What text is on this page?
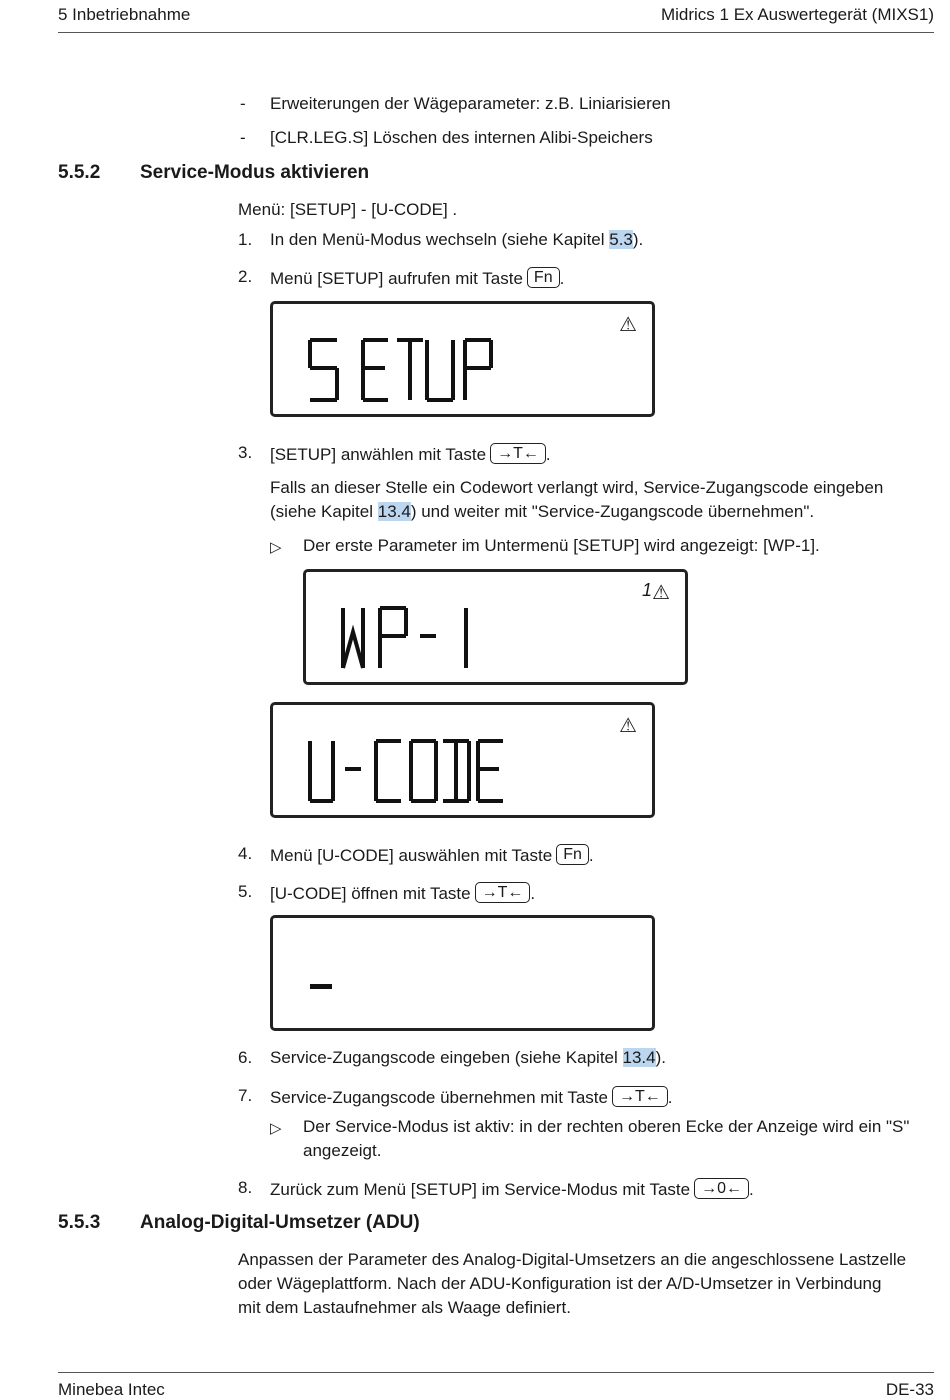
5 Inbetriebnahme	Midrics 1 Ex Auswertegerät (MIXS1)
- Erweiterungen der Wägeparameter: z.B. Liniarisieren
- [CLR.LEG.S] Löschen des internen Alibi-Speichers
5.5.2 Service-Modus aktivieren
Menü: [SETUP] - [U-CODE] .
1. In den Menü-Modus wechseln (siehe Kapitel 5.3).
2. Menü [SETUP] aufrufen mit Taste Fn .
⚠
3. [SETUP] anwählen mit Taste →T← .
Falls an dieser Stelle ein Codewort verlangt wird, Service-Zugangscode eingeben
(siehe Kapitel 13.4) und weiter mit "Service-Zugangscode übernehmen".
▷ Der erste Parameter im Untermenü [SETUP] wird angezeigt: [WP-1].
⚠
1
⚠
4. Menü [U-CODE] auswählen mit Taste Fn .
5. [U-CODE] öffnen mit Taste →T← .
6. Service-Zugangscode eingeben (siehe Kapitel 13.4).
7. Service-Zugangscode übernehmen mit Taste →T← .
▷ Der Service-Modus ist aktiv: in der rechten oberen Ecke der Anzeige wird ein "S"
angezeigt.
8. Zurück zum Menü [SETUP] im Service-Modus mit Taste →0← .
5.5.3 Analog-Digital-Umsetzer (ADU)
Anpassen der Parameter des Analog-Digital-Umsetzers an die angeschlossene Lastzelle
oder Wägeplattform. Nach der ADU-Konfiguration ist der A/D-Umsetzer in Verbindung
mit dem Lastaufnehmer als Waage definiert.
Minebea Intec	DE-33
